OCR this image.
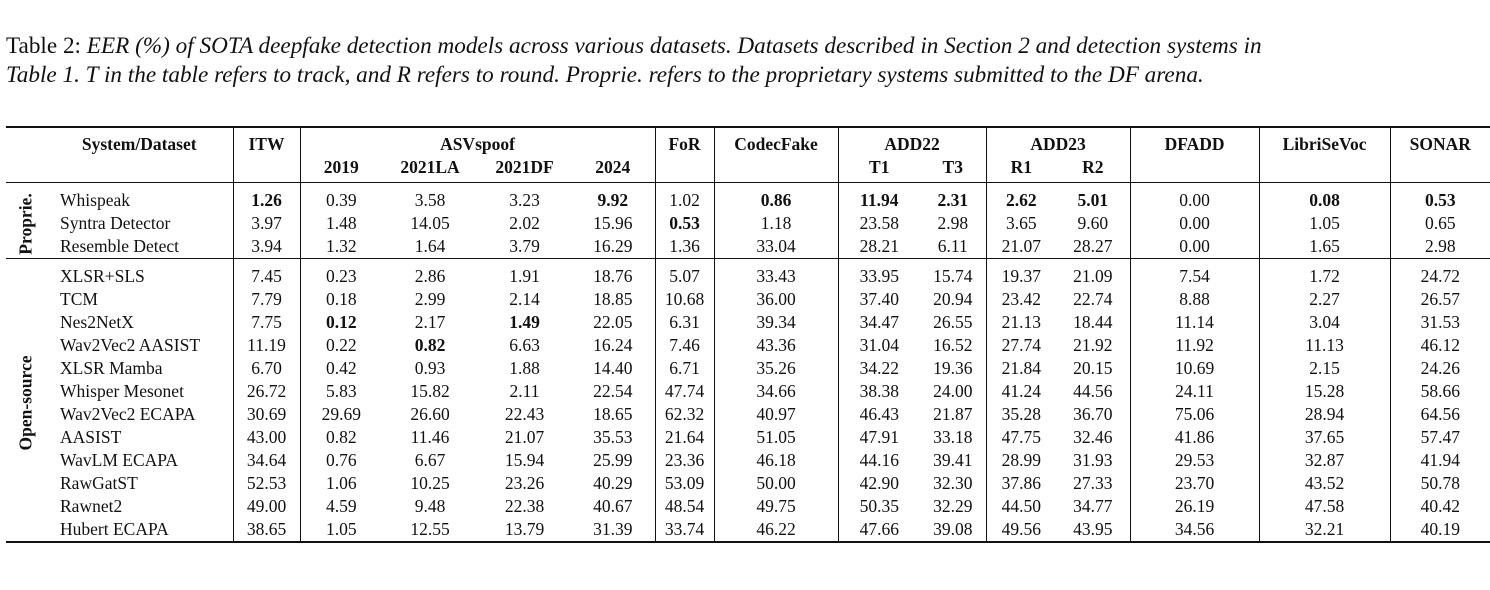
Table 2: EER (%) of SOTA deepfake detection models across various datasets. Datasets described in Section 2 and detection systems in
Table 1. T in the table refers to track, and R refers to round. Proprie. refers to the proprietary systems submitted to the DF arena.
	System/Dataset	ITW	ASVspoof				FoR	CodecFake	ADD22		ADD23		DFADD	LibriSeVoc	SONAR
			2019	2021LA	2021DF	2024			T1	T3	R1	R2			

Proprie.	Whispeak	1.26	0.39	3.58	3.23	9.92	1.02	0.86	11.94	2.31	2.62	5.01	0.00	0.08	0.53
	Syntra Detector	3.97	1.48	14.05	2.02	15.96	0.53	1.18	23.58	2.98	3.65	9.60	0.00	1.05	0.65
	Resemble Detect	3.94	1.32	1.64	3.79	16.29	1.36	33.04	28.21	6.11	21.07	28.27	0.00	1.65	2.98

Open-source	XLSR+SLS	7.45	0.23	2.86	1.91	18.76	5.07	33.43	33.95	15.74	19.37	21.09	7.54	1.72	24.72
	TCM	7.79	0.18	2.99	2.14	18.85	10.68	36.00	37.40	20.94	23.42	22.74	8.88	2.27	26.57
	Nes2NetX	7.75	0.12	2.17	1.49	22.05	6.31	39.34	34.47	26.55	21.13	18.44	11.14	3.04	31.53
	Wav2Vec2 AASIST	11.19	0.22	0.82	6.63	16.24	7.46	43.36	31.04	16.52	27.74	21.92	11.92	11.13	46.12
	XLSR Mamba	6.70	0.42	0.93	1.88	14.40	6.71	35.26	34.22	19.36	21.84	20.15	10.69	2.15	24.26
	Whisper Mesonet	26.72	5.83	15.82	2.11	22.54	47.74	34.66	38.38	24.00	41.24	44.56	24.11	15.28	58.66
	Wav2Vec2 ECAPA	30.69	29.69	26.60	22.43	18.65	62.32	40.97	46.43	21.87	35.28	36.70	75.06	28.94	64.56
	AASIST	43.00	0.82	11.46	21.07	35.53	21.64	51.05	47.91	33.18	47.75	32.46	41.86	37.65	57.47
	WavLM ECAPA	34.64	0.76	6.67	15.94	25.99	23.36	46.18	44.16	39.41	28.99	31.93	29.53	32.87	41.94
	RawGatST	52.53	1.06	10.25	23.26	40.29	53.09	50.00	42.90	32.30	37.86	27.33	23.70	43.52	50.78
	Rawnet2	49.00	4.59	9.48	22.38	40.67	48.54	49.75	50.35	32.29	44.50	34.77	26.19	47.58	40.42
	Hubert ECAPA	38.65	1.05	12.55	13.79	31.39	33.74	46.22	47.66	39.08	49.56	43.95	34.56	32.21	40.19
